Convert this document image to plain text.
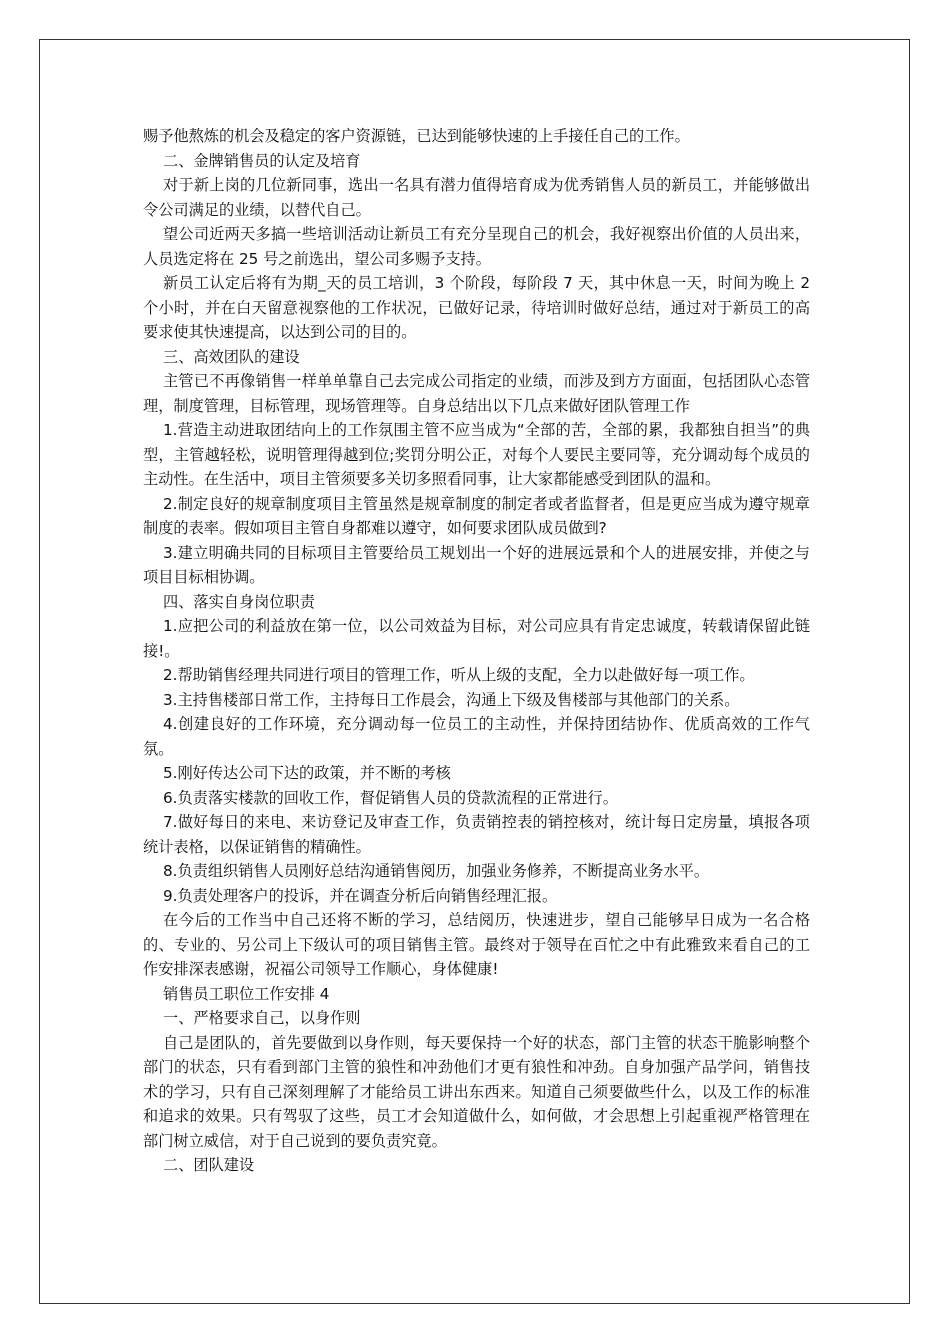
赐予他熬炼的机会及稳定的客户资源链，已达到能够快速的上手接任自己的工作。

二、金牌销售员的认定及培育

对于新上岗的几位新同事，选出一名具有潜力值得培育成为优秀销售人员的新员工，并能够做出令公司满足的业绩，以替代自己。

望公司近两天多搞一些培训活动让新员工有充分呈现自己的机会，我好视察出价值的人员出来，人员选定将在 25 号之前选出，望公司多赐予支持。

新员工认定后将有为期_天的员工培训，3 个阶段，每阶段 7 天，其中休息一天，时间为晚上 2 个小时，并在白天留意视察他的工作状况，已做好记录，待培训时做好总结，通过对于新员工的高要求使其快速提高，以达到公司的目的。

三、高效团队的建设

主管已不再像销售一样单单靠自己去完成公司指定的业绩，而涉及到方方面面，包括团队心态管理，制度管理，目标管理，现场管理等。自身总结出以下几点来做好团队管理工作

1.营造主动进取团结向上的工作氛围主管不应当成为“全部的苦，全部的累，我都独自担当”的典型，主管越轻松，说明管理得越到位;奖罚分明公正，对每个人要民主要同等，充分调动每个成员的主动性。在生活中，项目主管须要多关切多照看同事，让大家都能感受到团队的温和。

2.制定良好的规章制度项目主管虽然是规章制度的制定者或者监督者，但是更应当成为遵守规章制度的表率。假如项目主管自身都难以遵守，如何要求团队成员做到?

3.建立明确共同的目标项目主管要给员工规划出一个好的进展远景和个人的进展安排，并使之与项目目标相协调。

四、落实自身岗位职责

1.应把公司的利益放在第一位，以公司效益为目标，对公司应具有肯定忠诚度，转载请保留此链接!。

2.帮助销售经理共同进行项目的管理工作，听从上级的支配，全力以赴做好每一项工作。

3.主持售楼部日常工作，主持每日工作晨会，沟通上下级及售楼部与其他部门的关系。

4.创建良好的工作环境，充分调动每一位员工的主动性，并保持团结协作、优质高效的工作气氛。

5.刚好传达公司下达的政策，并不断的考核

6.负责落实楼款的回收工作，督促销售人员的贷款流程的正常进行。

7.做好每日的来电、来访登记及审查工作，负责销控表的销控核对，统计每日定房量，填报各项统计表格，以保证销售的精确性。

8.负责组织销售人员刚好总结沟通销售阅历，加强业务修养，不断提高业务水平。

9.负责处理客户的投诉，并在调查分析后向销售经理汇报。

在今后的工作当中自己还将不断的学习，总结阅历，快速进步，望自己能够早日成为一名合格的、专业的、另公司上下级认可的项目销售主管。最终对于领导在百忙之中有此雅致来看自己的工作安排深表感谢，祝福公司领导工作顺心，身体健康!

销售员工职位工作安排 4

一、严格要求自己，以身作则

自己是团队的，首先要做到以身作则，每天要保持一个好的状态，部门主管的状态干脆影响整个部门的状态，只有看到部门主管的狼性和冲劲他们才更有狼性和冲劲。自身加强产品学问，销售技术的学习，只有自己深刻理解了才能给员工讲出东西来。知道自己须要做些什么，以及工作的标准和追求的效果。只有驾驭了这些，员工才会知道做什么，如何做，才会思想上引起重视严格管理在部门树立威信，对于自己说到的要负责究竟。

二、团队建设
